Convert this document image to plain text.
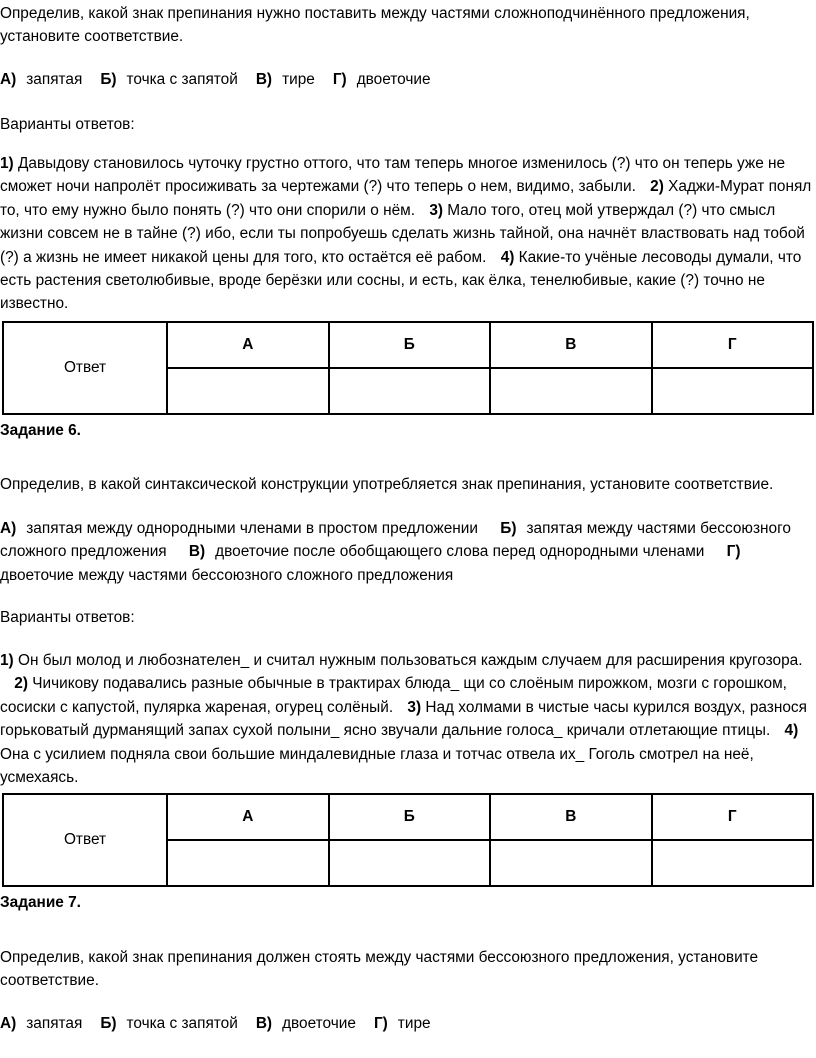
Определив, какой знак препинания нужно поставить между частями сложноподчинённого предложения, установите соответствие.

А) запятая Б) точка с запятой В) тире Г) двоеточие

Варианты ответов:

1) Давыдову становилось чуточку грустно оттого, что там теперь многое изменилось (?) что он теперь уже не сможет ночи напролёт просиживать за чертежами (?) что теперь о нем, видимо, забыли. 2) Хаджи-Мурат понял то, что ему нужно было понять (?) что они спорили о нём. 3) Мало того, отец мой утверждал (?) что смысл жизни совсем не в тайне (?) ибо, если ты попробуешь сделать жизнь тайной, она начнёт властвовать над тобой (?) а жизнь не имеет никакой цены для того, кто остаётся её рабом. 4) Какие-то учёные лесоводы думали, что есть растения светолюбивые, вроде берёзки или сосны, и есть, как ёлка, тенелюбивые, какие (?) точно не известно.

Ответ	А	Б	В	Г

Задание 6.

Определив, в какой синтаксической конструкции употребляется знак препинания, установите соответствие.

А) запятая между однородными членами в простом предложении Б) запятая между частями бессоюзного сложного предложения В) двоеточие после обобщающего слова перед однородными членами Г)двоеточие между частями бессоюзного сложного предложения

Варианты ответов:

1) Он был молод и любознателен_ и считал нужным пользоваться каждым случаем для расширения кругозора. 2) Чичикову подавались разные обычные в трактирах блюда_ щи со слоёным пирожком, мозги с горошком, сосиски с капустой, пулярка жареная, огурец солёный. 3) Над холмами в чистые часы курился воздух, разнося горьковатый дурманящий запах сухой полыни_ ясно звучали дальние голоса_ кричали отлетающие птицы. 4) Она с усилием подняла свои большие миндалевидные глаза и тотчас отвела их_ Гоголь смотрел на неё, усмехаясь.

Ответ	А	Б	В	Г

Задание 7.

Определив, какой знак препинания должен стоять между частями бессоюзного предложения, установите соответствие.

А) запятая Б) точка с запятой В) двоеточие Г) тире
